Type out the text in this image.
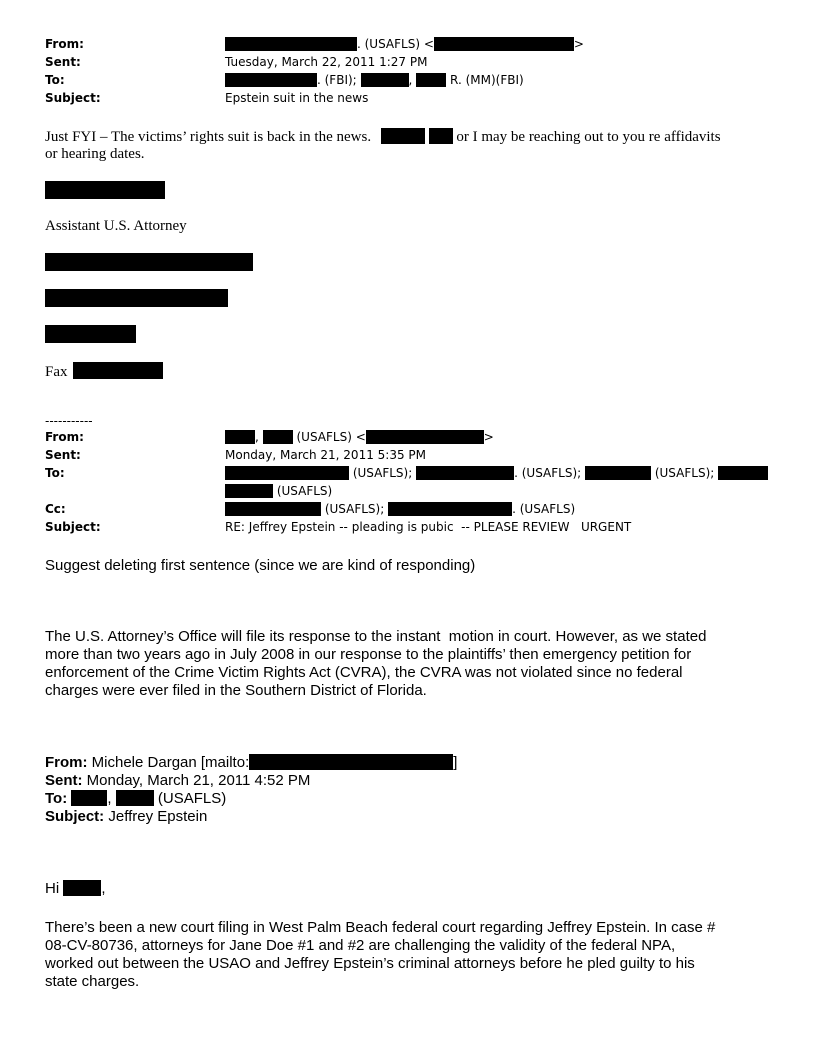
From:	. (USAFLS) <	>
Sent:	Tuesday, March 22, 2011 1:27 PM
To:	. (FBI);	,	R. (MM)(FBI)
Subject:	Epstein suit in the news
Just FYI – The victims’ rights suit is back in the news.	or I may be reaching out to you re affidavits
or hearing dates.
Assistant U.S. Attorney
Fax
-----------
From:	,	(USAFLS) <	>
Sent:	Monday, March 21, 2011 5:35 PM
To:	(USAFLS);	. (USAFLS);	(USAFLS);
(USAFLS)
Cc:	(USAFLS);	. (USAFLS)
Subject:	RE: Jeffrey Epstein -- pleading is pubic  -- PLEASE REVIEW   URGENT
Suggest deleting first sentence (since we are kind of responding)
The U.S. Attorney’s Office will file its response to the instant  motion in court. However, as we stated
more than two years ago in July 2008 in our response to the plaintiffs’ then emergency petition for
enforcement of the Crime Victim Rights Act (CVRA), the CVRA was not violated since no federal
charges were ever filed in the Southern District of Florida.
From: Michele Dargan [mailto:	]
Sent: Monday, March 21, 2011 4:52 PM
To:	,	(USAFLS)
Subject: Jeffrey Epstein
Hi	,
There’s been a new court filing in West Palm Beach federal court regarding Jeffrey Epstein. In case #
08-CV-80736, attorneys for Jane Doe #1 and #2 are challenging the validity of the federal NPA,
worked out between the USAO and Jeffrey Epstein’s criminal attorneys before he pled guilty to his
state charges.
